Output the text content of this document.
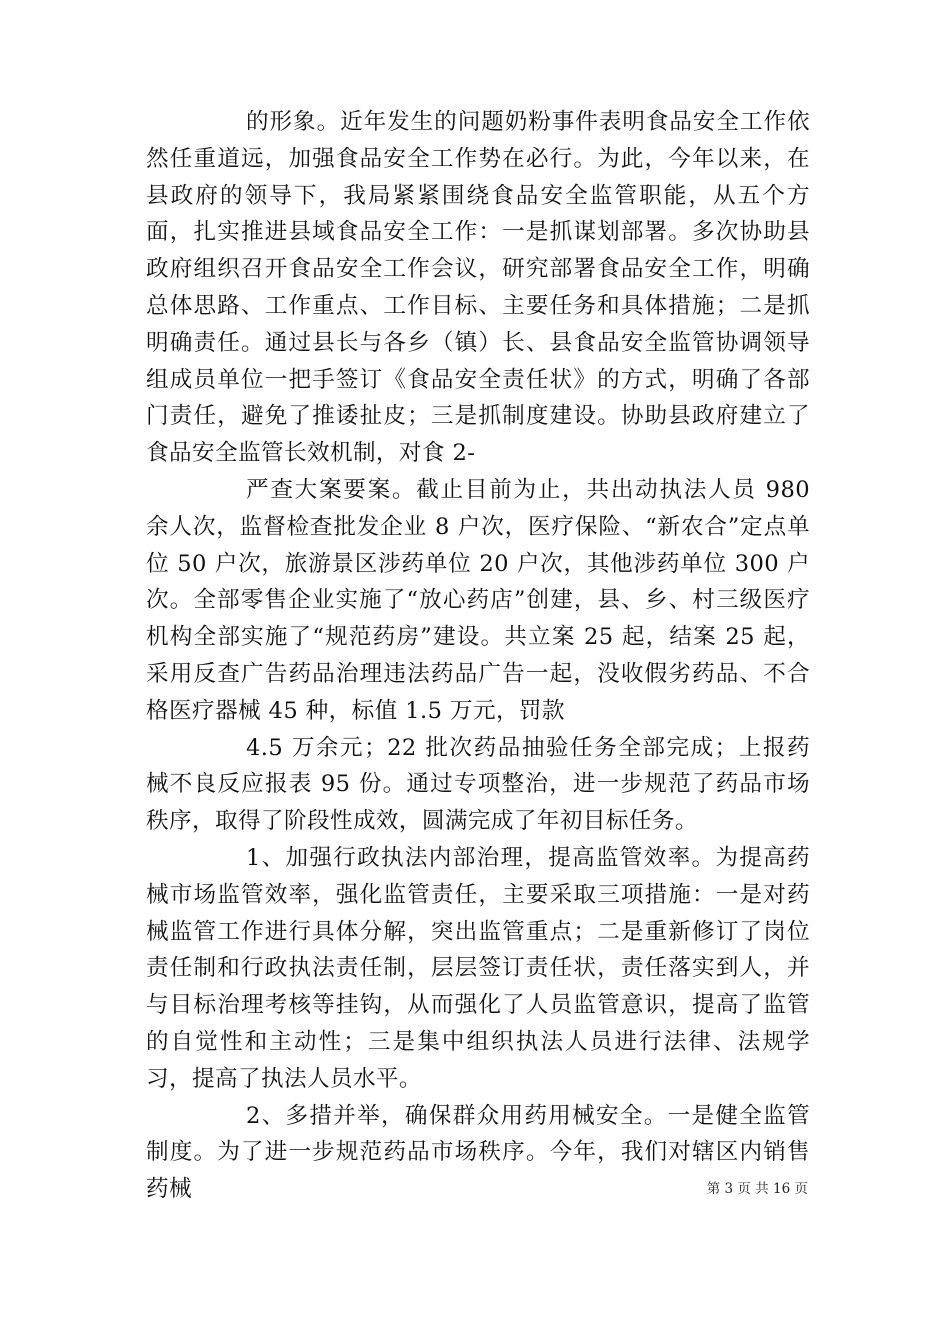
的形象。近年发生的问题奶粉事件表明食品安全工作依然任重道远，加强食品安全工作势在必行。为此，今年以来，在县政府的领导下，我局紧紧围绕食品安全监管职能，从五个方面，扎实推进县域食品安全工作：一是抓谋划部署。多次协助县政府组织召开食品安全工作会议，研究部署食品安全工作，明确总体思路、工作重点、工作目标、主要任务和具体措施；二是抓明确责任。通过县长与各乡（镇）长、县食品安全监管协调领导组成员单位一把手签订《食品安全责任状》的方式，明确了各部门责任，避免了推诿扯皮；三是抓制度建设。协助县政府建立了食品安全监管长效机制，对食 2-

严查大案要案。截止目前为止，共出动执法人员 980 余人次，监督检查批发企业 8 户次，医疗保险、“新农合”定点单位 50 户次，旅游景区涉药单位 20 户次，其他涉药单位 300 户次。全部零售企业实施了“放心药店”创建，县、乡、村三级医疗机构全部实施了“规范药房”建设。共立案 25 起，结案 25 起，采用反查广告药品治理违法药品广告一起，没收假劣药品、不合格医疗器械 45 种，标值 1.5 万元，罚款

4.5 万余元；22 批次药品抽验任务全部完成；上报药械不良反应报表 95 份。通过专项整治，进一步规范了药品市场秩序，取得了阶段性成效，圆满完成了年初目标任务。

1、加强行政执法内部治理，提高监管效率。为提高药械市场监管效率，强化监管责任，主要采取三项措施：一是对药械监管工作进行具体分解，突出监管重点；二是重新修订了岗位责任制和行政执法责任制，层层签订责任状，责任落实到人，并与目标治理考核等挂钩，从而强化了人员监管意识，提高了监管的自觉性和主动性；三是集中组织执法人员进行法律、法规学习，提高了执法人员水平。

2、多措并举，确保群众用药用械安全。一是健全监管制度。为了进一步规范药品市场秩序。今年，我们对辖区内销售药械	第 3 页 共 16 页
